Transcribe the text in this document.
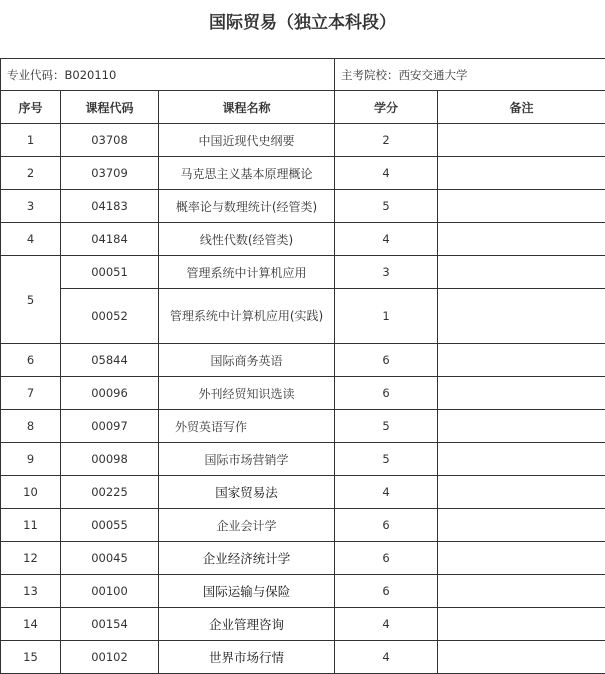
国际贸易（独立本科段）
专业代码：B020110			主考院校：西安交通大学	
序号	课程代码	课程名称	学分	备注
1	03708	中国近现代史纲要	2	
2	03709	马克思主义基本原理概论	4	
3	04183	概率论与数理统计(经管类)	5	
4	04184	线性代数(经管类)	4	
5	00051	管理系统中计算机应用	3	
	00052	管理系统中计算机应用(实践)	1	
6	05844	国际商务英语	6	
7	00096	外刊经贸知识选读	6	
8	00097	外贸英语写作	5	
9	00098	国际市场营销学	5	
10	00225	国家贸易法	4	
11	00055	企业会计学	6	
12	00045	企业经济统计学	6	
13	00100	国际运输与保险	6	
14	00154	企业管理咨询	4	
15	00102	世界市场行情	4	
